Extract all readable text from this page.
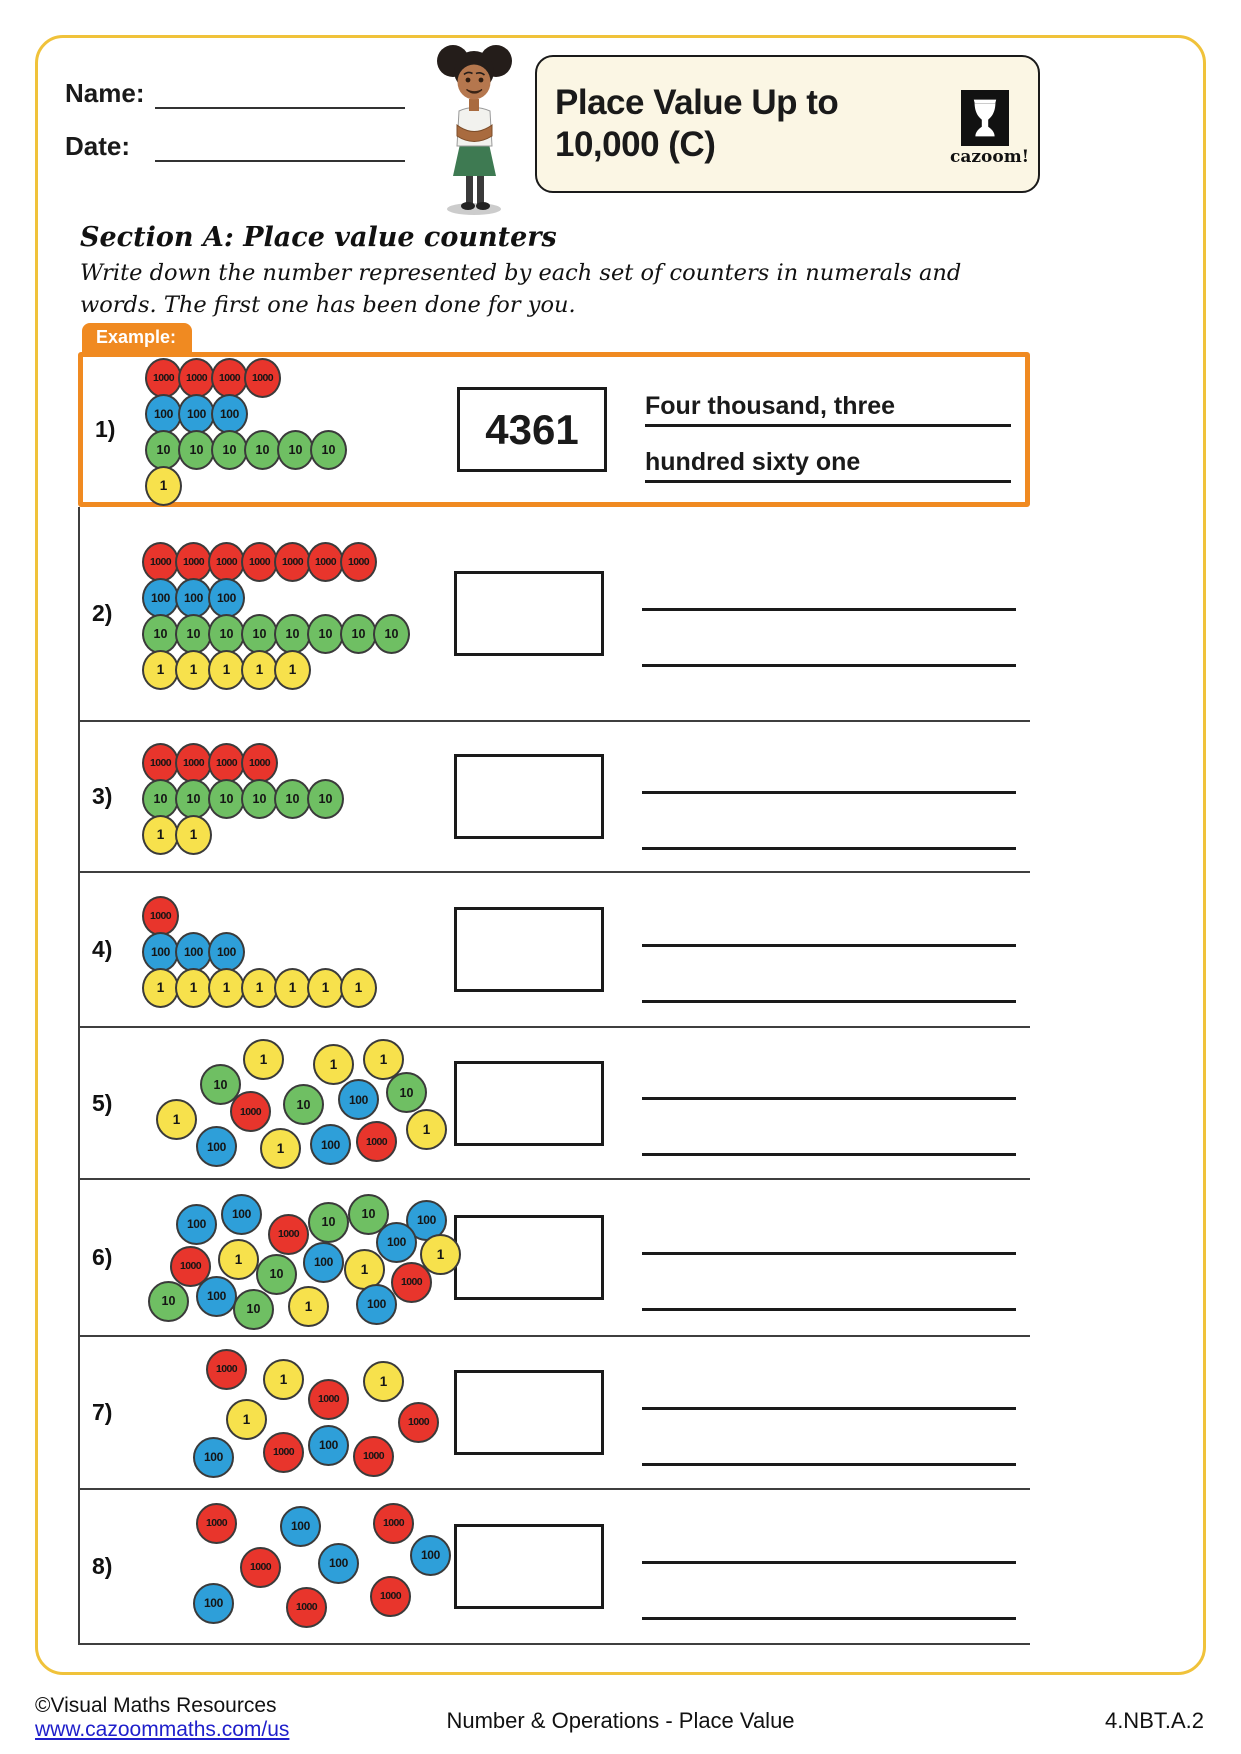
Name:
Date:
Place Value Up to
10,000 (C)	cazoom!
Section A: Place value counters
Write down the number represented by each set of counters in numerals and words. The first one has been done for you.
Example:
1)
1000	1000	1000	1000
100	100	100
10	10	10	10	10	10
1
4361	Four thousand, three
hundred sixty one
2)
1000	1000	1000	1000	1000	1000	1000
100	100	100
10	10	10	10	10	10	10	10
1	1	1	1	1
3)
1000	1000	1000	1000
10	10	10	10	10	10
1	1
4)
1000
100	100	100
1	1	1	1	1	1	1
5)
1	1	1
10
10	100	10
1
1000
100	1	100	1000
1
6)
100
100
1000
10
10	100
100
1000	1
10
100	1
1
1000
10	100
10	1	100
7)
1000
1
1000
1
1	1000
1000	100
100	1000
8)
1000	100	1000
1000	100
100
100	1000
1000
©Visual Maths Resources
www.cazoommaths.com/us	Number & Operations - Place Value	4.NBT.A.2
